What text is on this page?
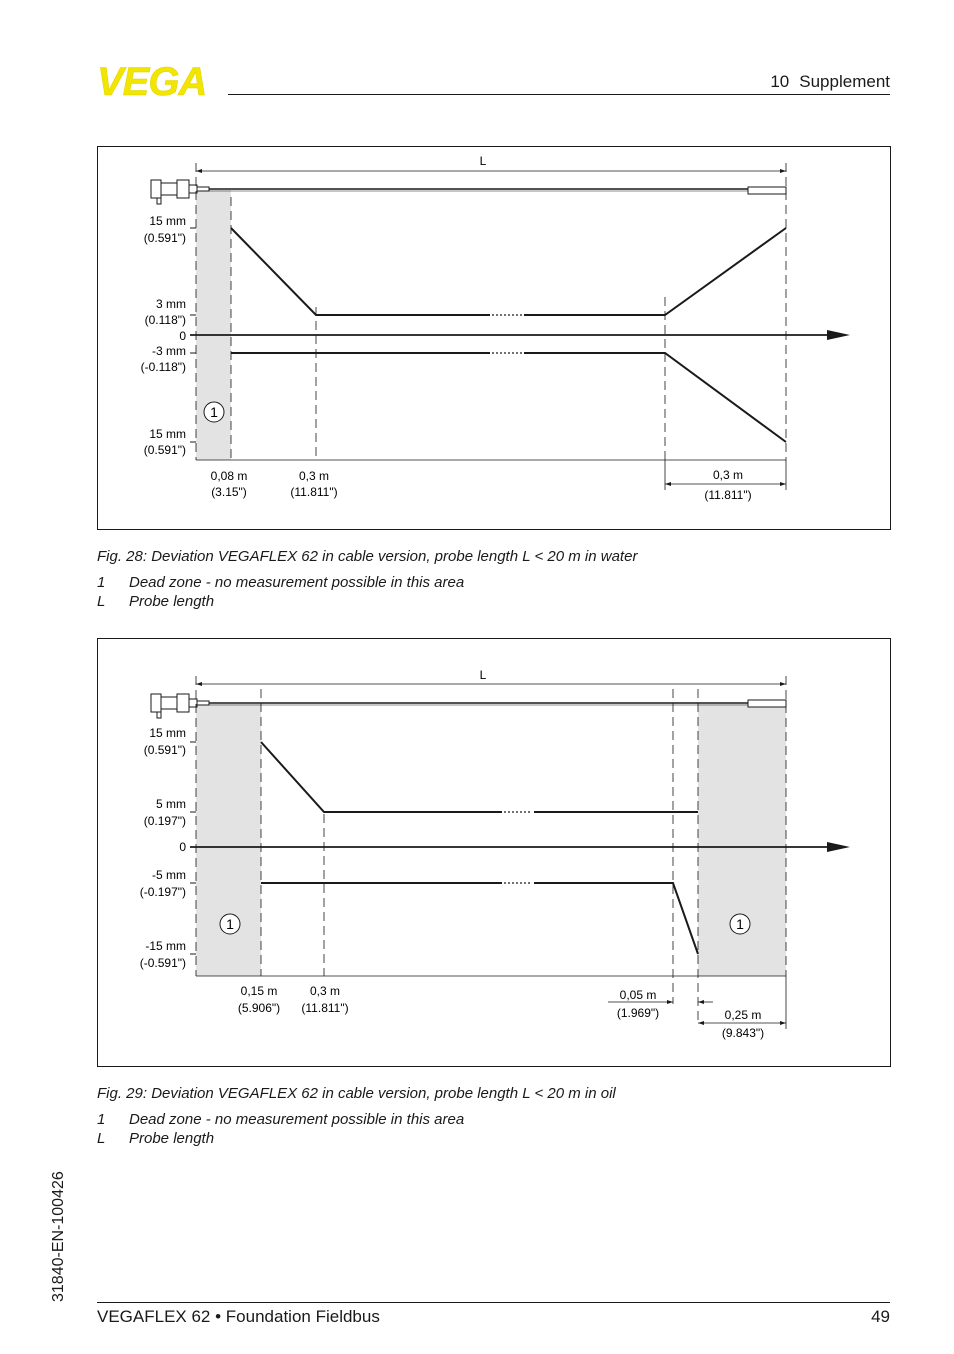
VEGA	10 Supplement
L
1
15 mm
(0.591")
3 mm
(0.118")
0
-3 mm
(-0.118")
15 mm
(0.591")
0,08 m
(3.15")
0,3 m
(11.811")
0,3 m
(11.811")
Fig. 28: Deviation VEGAFLEX 62 in cable version, probe length L < 20 m in water
1 Dead zone - no measurement possible in this area
L Probe length
L
1	1
15 mm
(0.591")
5 mm
(0.197")
0
-5 mm
(-0.197")
-15 mm
(-0.591")
0,15 m
(5.906")
0,3 m
(11.811")
0,05 m
(1.969")	0,25 m
(9.843")
Fig. 29: Deviation VEGAFLEX 62 in cable version, probe length L < 20 m in oil
1 Dead zone - no measurement possible in this area
L Probe length
31840-EN-100426
VEGAFLEX 62 • Foundation Fieldbus	49
